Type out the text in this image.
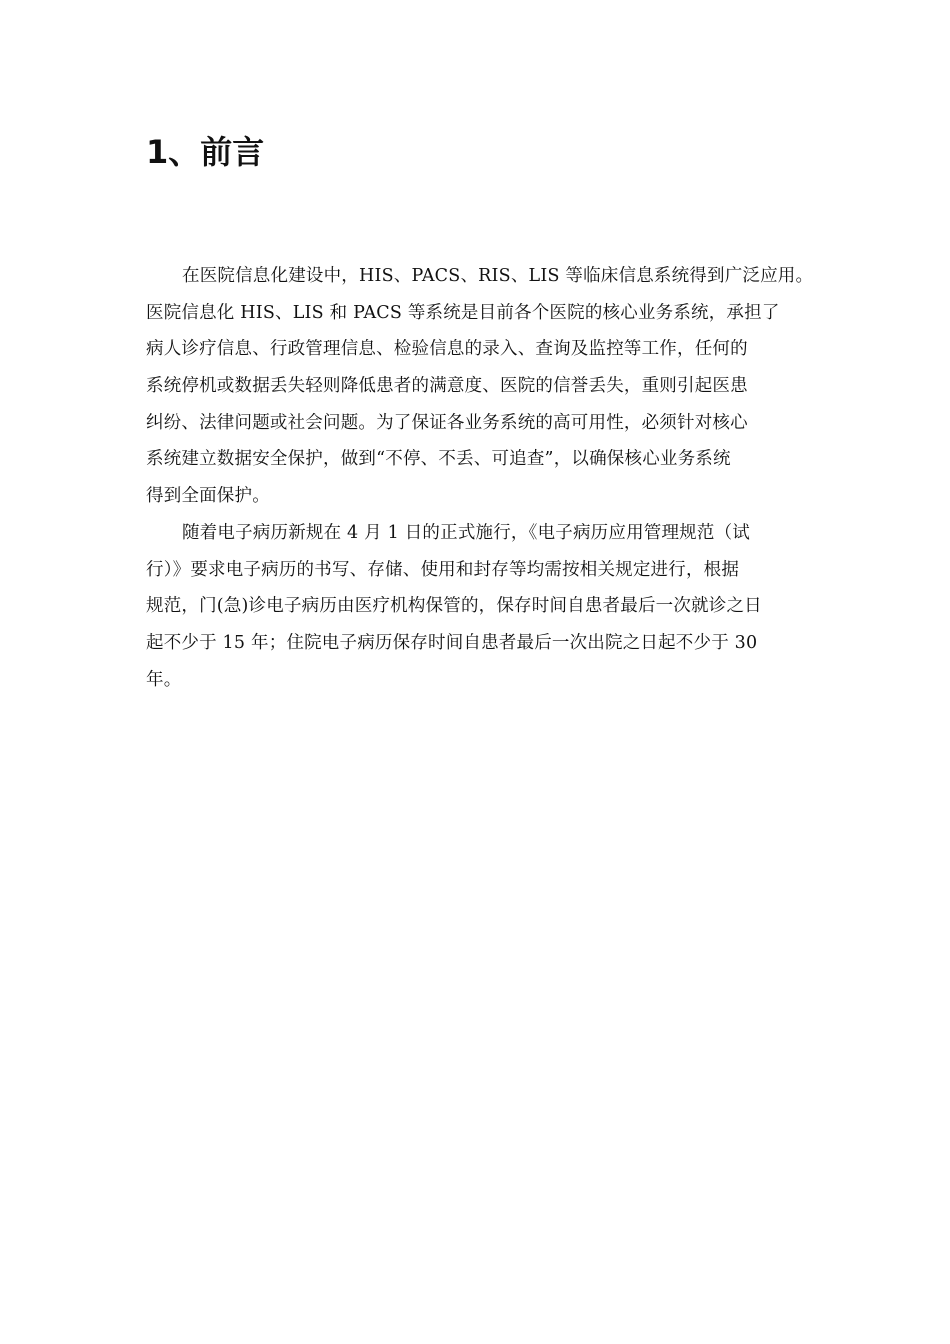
1、前言

在医院信息化建设中，HIS、PACS、RIS、LIS 等临床信息系统得到广泛应用。
医院信息化 HIS、LIS 和 PACS 等系统是目前各个医院的核心业务系统，承担了
病人诊疗信息、行政管理信息、检验信息的录入、查询及监控等工作，任何的
系统停机或数据丢失轻则降低患者的满意度、医院的信誉丢失，重则引起医患
纠纷、法律问题或社会问题。为了保证各业务系统的高可用性，必须针对核心
系统建立数据安全保护，做到“不停、不丢、可追查”，以确保核心业务系统
得到全面保护。

随着电子病历新规在 4 月 1 日的正式施行，《电子病历应用管理规范（试
行）》要求电子病历的书写、存储、使用和封存等均需按相关规定进行，根据
规范，门(急)诊电子病历由医疗机构保管的，保存时间自患者最后一次就诊之日
起不少于 15 年；住院电子病历保存时间自患者最后一次出院之日起不少于 30
年。
